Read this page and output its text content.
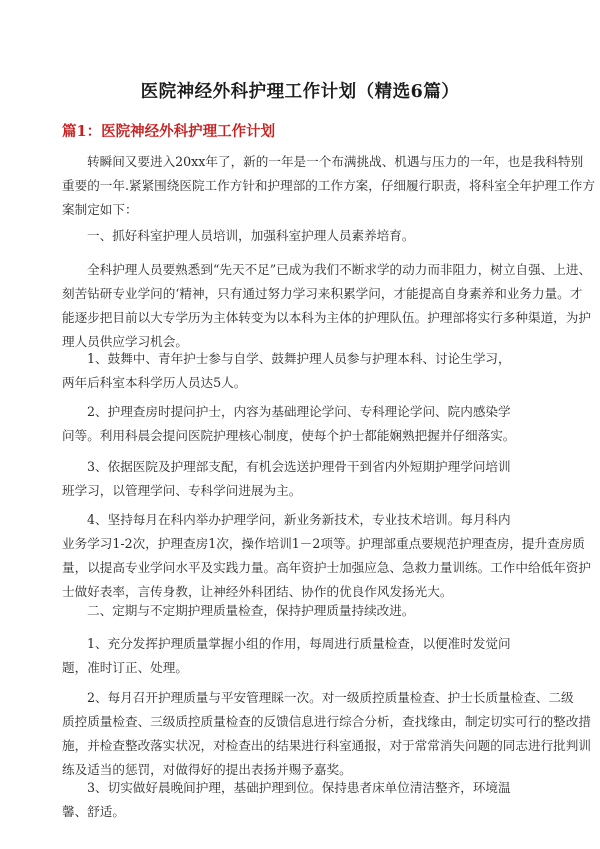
医院神经外科护理工作计划（精选6篇）
篇1：医院神经外科护理工作计划
转瞬间又要进入20xx年了，新的一年是一个布满挑战、机遇与压力的一年，也是我科特别
重要的一年.紧紧围绕医院工作方针和护理部的工作方案，仔细履行职责，将科室全年护理工作方
案制定如下：
一、抓好科室护理人员培训，加强科室护理人员素养培育。
全科护理人员要熟悉到“先天不足”已成为我们不断求学的动力而非阻力，树立自强、上进、
刻苦钻研专业学问的‘精神，只有通过努力学习来积累学问，才能提高自身素养和业务力量。才
能逐步把目前以大专学历为主体转变为以本科为主体的护理队伍。护理部将实行多种渠道，为护
理人员供应学习机会。
1、鼓舞中、青年护士参与自学、鼓舞护理人员参与护理本科、讨论生学习，
两年后科室本科学历人员达5人。
2、护理查房时提问护士，内容为基础理论学问、专科理论学问、院内感染学
问等。利用科晨会提问医院护理核心制度，使每个护士都能娴熟把握并仔细落实。
3、依据医院及护理部支配，有机会选送护理骨干到省内外短期护理学问培训
班学习，以管理学问、专科学问进展为主。
4、坚持每月在科内举办护理学问，新业务新技术，专业技术培训。每月科内
业务学习1-2次，护理查房1次，操作培训1－2项等。护理部重点要规范护理查房，提升查房质
量，以提高专业学问水平及实践力量。高年资护士加强应急、急救力量训练。工作中给低年资护
士做好表率，言传身教，让神经外科团结、协作的优良作风发扬光大。
二、定期与不定期护理质量检查，保持护理质量持续改进。
1、充分发挥护理质量掌握小组的作用，每周进行质量检查，以便准时发觉问
题，准时订正、处理。
2、每月召开护理质量与平安管理睬一次。对一级质控质量检查、护士长质量检查、二级
质控质量检查、三级质控质量检查的反馈信息进行综合分析，查找缘由，制定切实可行的整改措
施，并检查整改落实状况，对检查出的结果进行科室通报，对于常常消失问题的同志进行批判训
练及适当的惩罚，对做得好的提出表扬并赐予嘉奖。
3、切实做好晨晚间护理，基础护理到位。保持患者床单位清洁整齐，环境温
馨、舒适。
